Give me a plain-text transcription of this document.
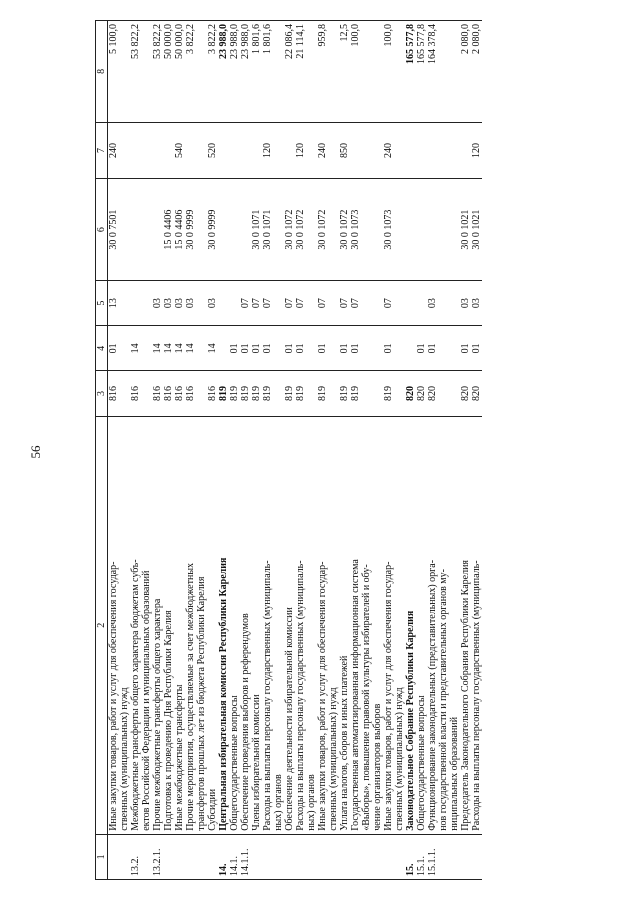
56
1	2	3	4	5	6	7	8
	Иные закупки товаров, работ и услуг для обеспечения государ-	816	01	13	30 0 7501	240	5 100,0
	ственных (муниципальных) нужд						
13.2.	Межбюджетные трансферты общего характера бюджетам субъ-	816	14				53 822,2
	ектов Российской Федерации и муниципальных образований						
13.2.1.	Прочие межбюджетные трансферты общего характера	816	14	03			53 822,2
	Подготовка к проведению Дня Республики Карелия	816	14	03	15 0 4406		50 000,0
	Иные межбюджетные трансферты	816	14	03	15 0 4406	540	50 000,0
	Прочие мероприятия, осуществляемые за счет межбюджетных	816	14	03	30 0 9999		3 822,2
	трансфертов прошлых лет из бюджета Республики Карелия						
	Субсидии	816	14	03	30 0 9999	520	3 822,2
14.	Центральная избирательная комиссия Республики Карелия	819					23 988,0
14.1.	Общегосударственные вопросы	819	01				23 988,0
14.1.1.	Обеспечение проведения выборов и референдумов	819	01	07			23 988,0
	Члены избирательной комиссии	819	01	07	30 0 1071		1 801,6
	Расходы на выплаты персоналу государственных (муниципаль-	819	01	07	30 0 1071	120	1 801,6
	ных) органов						
	Обеспечение деятельности избирательной комиссии	819	01	07	30 0 1072		22 086,4
	Расходы на выплаты персоналу государственных (муниципаль-	819	01	07	30 0 1072	120	21 114,1
	ных) органов						
	Иные закупки товаров, работ и услуг для обеспечения государ-	819	01	07	30 0 1072	240	959,8
	ственных (муниципальных) нужд						
	Уплата налогов, сборов и иных платежей	819	01	07	30 0 1072	850	12,5
	Государственная автоматизированная информационная система	819	01	07	30 0 1073		100,0
	«Выборы», повышение правовой культуры избирателей и обу-						
	чение организаторов выборов						
	Иные закупки товаров, работ и услуг для обеспечения государ-	819	01	07	30 0 1073	240	100,0
	ственных (муниципальных) нужд						
15.	Законодательное Собрание Республики Карелия	820					165 577,8
15.1.	Общегосударственные вопросы	820	01				165 577,8
15.1.1.	Функционирование законодательных (представительных) орга-	820	01	03			164 378,4
	нов государственной власти и представительных органов му-						
	ниципальных образований						
	Председатель Законодательного Собрания Республики Карелия	820	01	03	30 0 1021		2 080,0
	Расходы на выплаты персоналу государственных (муниципаль-	820	01	03	30 0 1021	120	2 080,0
